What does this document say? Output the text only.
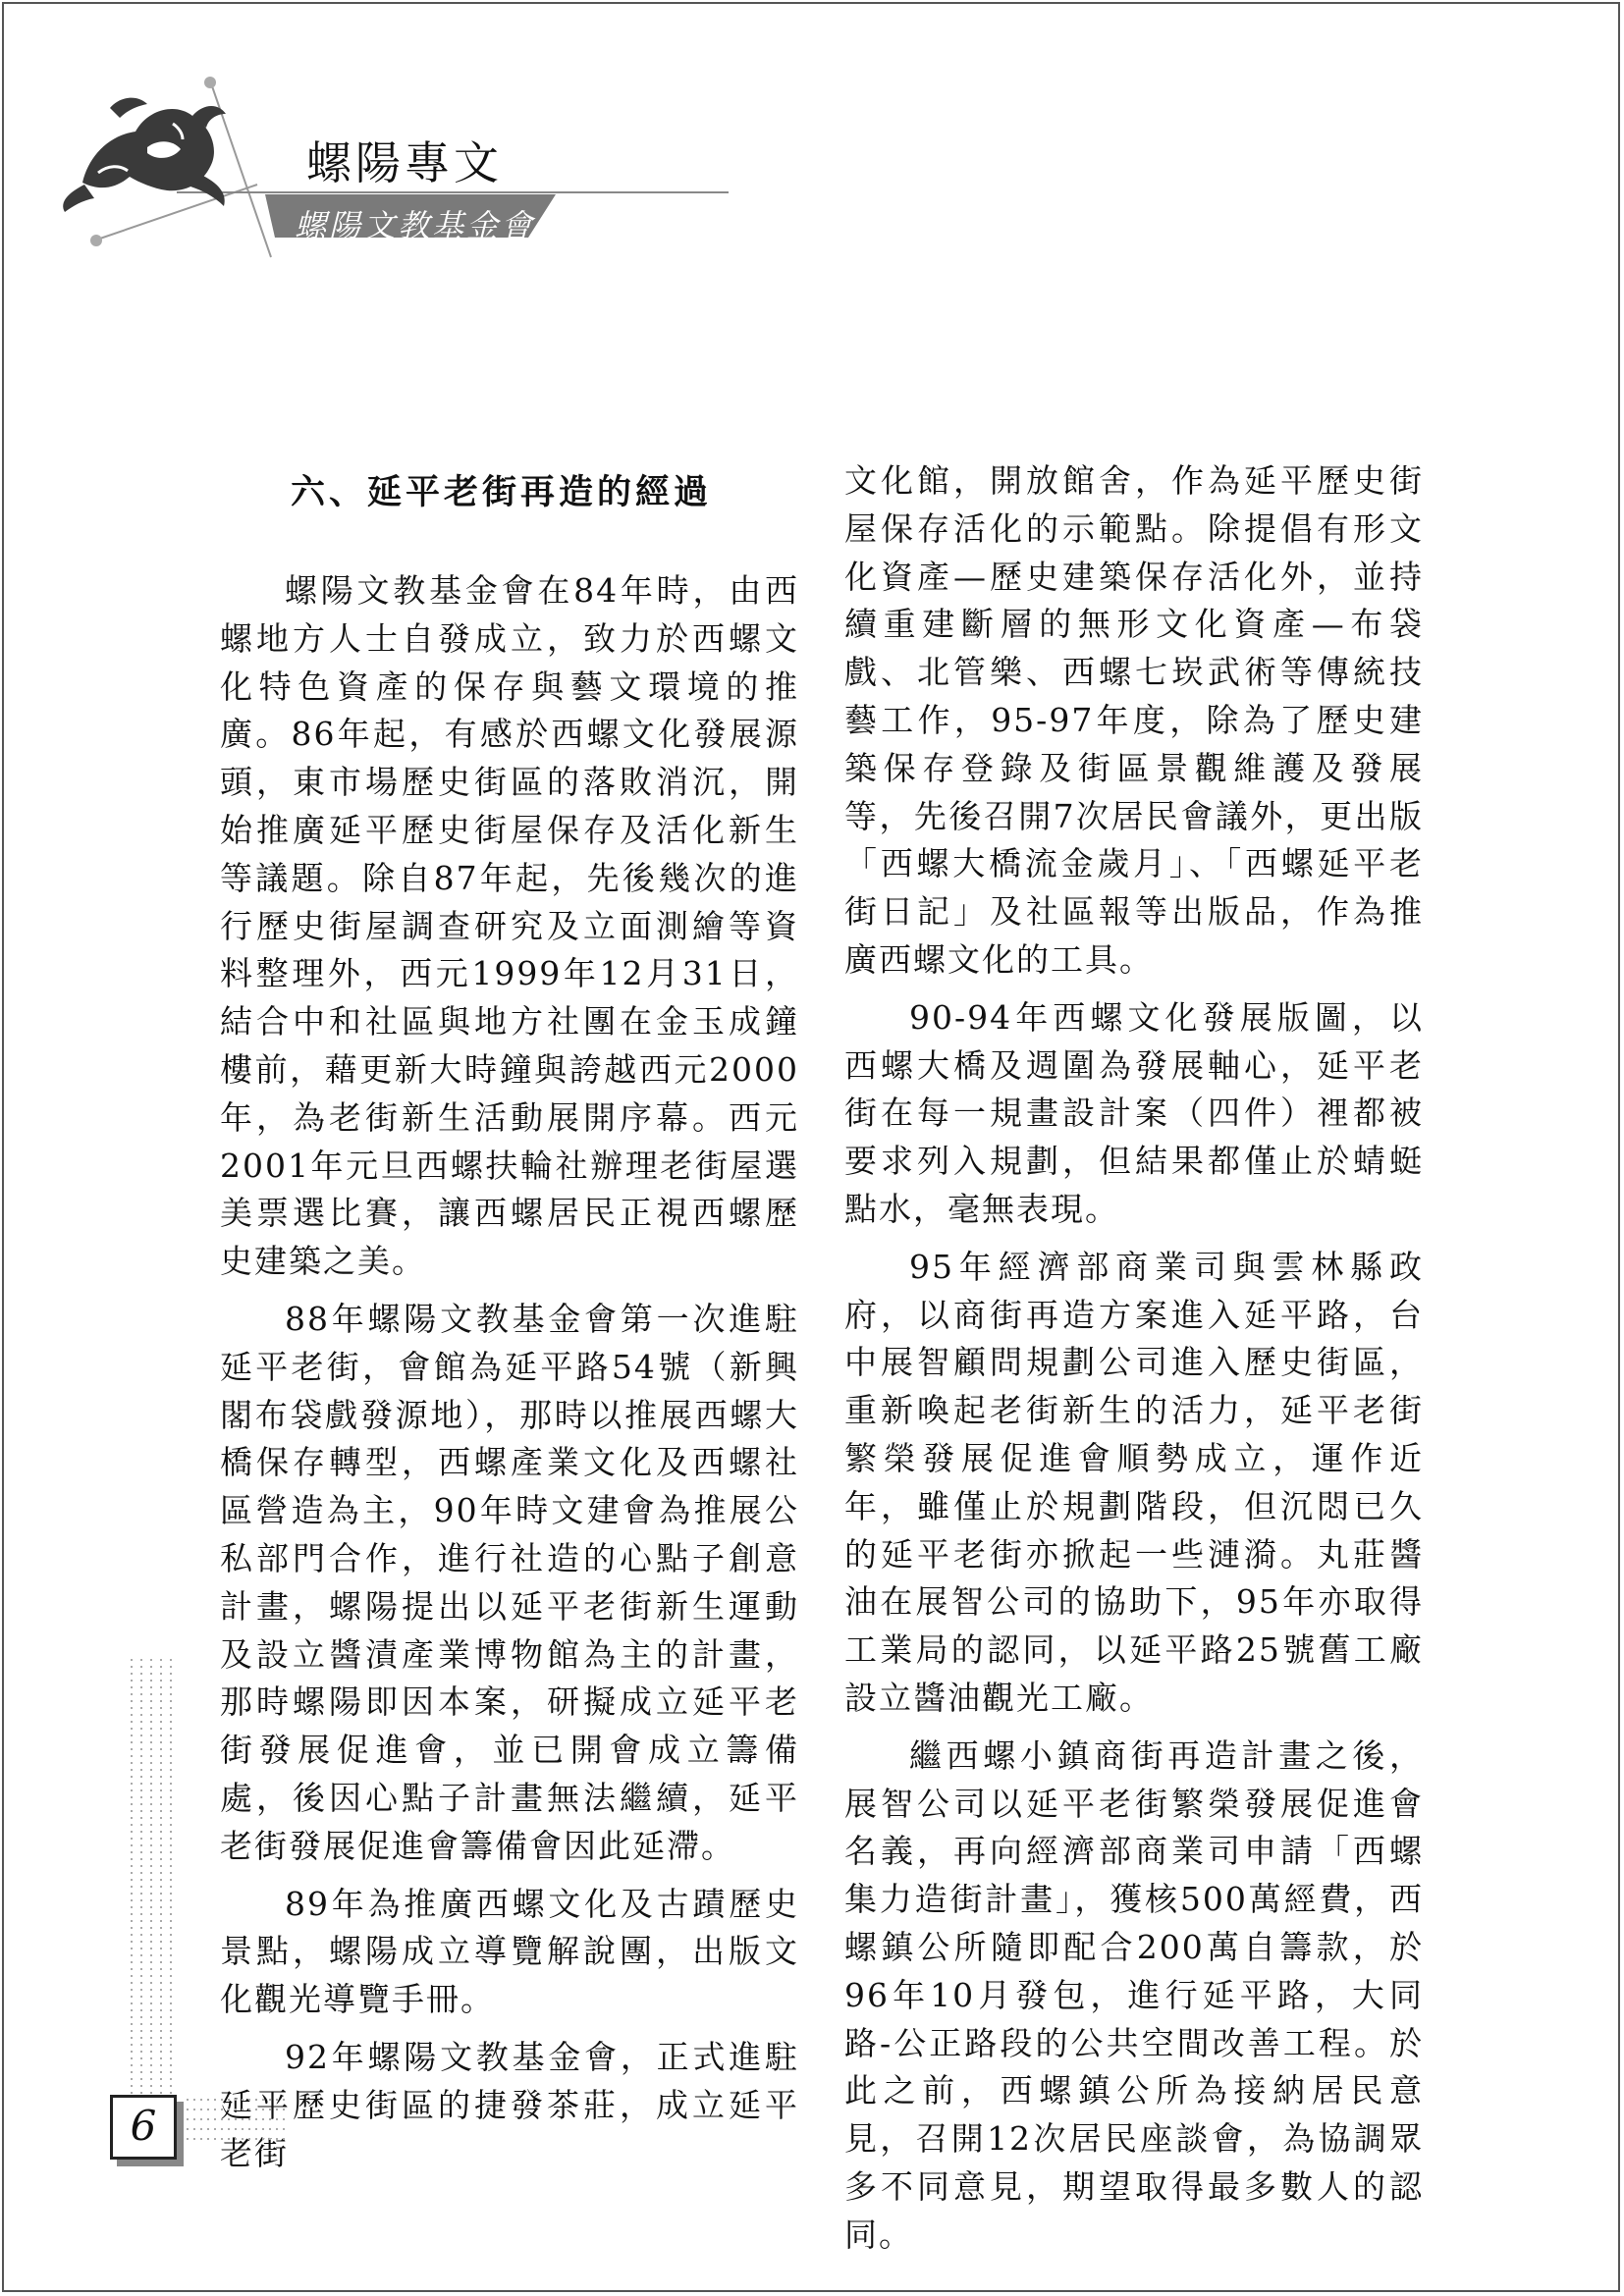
螺陽專文
螺陽文教基金會
六、延平老街再造的經過

螺陽文教基金會在84年時，由西螺地方人士自發成立，致力於西螺文化特色資產的保存與藝文環境的推廣。86年起，有感於西螺文化發展源頭，東市場歷史街區的落敗消沉，開始推廣延平歷史街屋保存及活化新生等議題。除自87年起，先後幾次的進行歷史街屋調查研究及立面測繪等資料整理外，西元1999年12月31日，結合中和社區與地方社團在金玉成鐘樓前，藉更新大時鐘與誇越西元2000年，為老街新生活動展開序幕。西元2001年元旦西螺扶輪社辦理老街屋選美票選比賽，讓西螺居民正視西螺歷史建築之美。

88年螺陽文教基金會第一次進駐延平老街，會館為延平路54號（新興閣布袋戲發源地），那時以推展西螺大橋保存轉型，西螺產業文化及西螺社區營造為主，90年時文建會為推展公私部門合作，進行社造的心點子創意計畫，螺陽提出以延平老街新生運動及設立醬漬產業博物館為主的計畫，那時螺陽即因本案，研擬成立延平老街發展促進會，並已開會成立籌備處，後因心點子計畫無法繼續，延平老街發展促進會籌備會因此延滯。

89年為推廣西螺文化及古蹟歷史景點，螺陽成立導覽解說團，出版文化觀光導覽手冊。

92年螺陽文教基金會，正式進駐延平歷史街區的捷發茶莊，成立延平老街

文化館，開放館舍，作為延平歷史街屋保存活化的示範點。除提倡有形文化資產—歷史建築保存活化外，並持續重建斷層的無形文化資產—布袋戲、北管樂、西螺七崁武術等傳統技藝工作，95-97年度，除為了歷史建築保存登錄及街區景觀維護及發展等，先後召開7次居民會議外，更出版「西螺大橋流金歲月」、「西螺延平老街日記」及社區報等出版品，作為推廣西螺文化的工具。

90-94年西螺文化發展版圖，以西螺大橋及週圍為發展軸心，延平老街在每一規畫設計案（四件）裡都被要求列入規劃，但結果都僅止於蜻蜓點水，毫無表現。

95年經濟部商業司與雲林縣政府，以商街再造方案進入延平路，台中展智顧問規劃公司進入歷史街區，重新喚起老街新生的活力，延平老街繁榮發展促進會順勢成立，運作近年，雖僅止於規劃階段，但沉悶已久的延平老街亦掀起一些漣漪。丸莊醬油在展智公司的協助下，95年亦取得工業局的認同，以延平路25號舊工廠設立醬油觀光工廠。

繼西螺小鎮商街再造計畫之後，展智公司以延平老街繁榮發展促進會名義，再向經濟部商業司申請「西螺集力造街計畫」，獲核500萬經費，西螺鎮公所隨即配合200萬自籌款，於96年10月發包，進行延平路，大同路-公正路段的公共空間改善工程。於此之前，西螺鎮公所為接納居民意見，召開12次居民座談會，為協調眾多不同意見，期望取得最多數人的認同。

6
